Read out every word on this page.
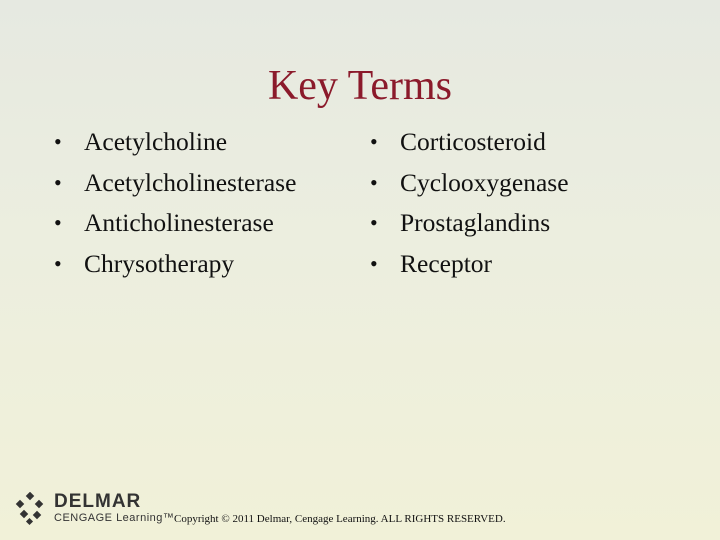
Key Terms
• Acetylcholine
• Acetylcholinesterase
• Anticholinesterase
• Chrysotherapy
• Corticosteroid
• Cyclooxygenase
• Prostaglandins
• Receptor
DELMAR
CENGAGE Learning™ Copyright © 2011 Delmar, Cengage Learning. ALL RIGHTS RESERVED.
